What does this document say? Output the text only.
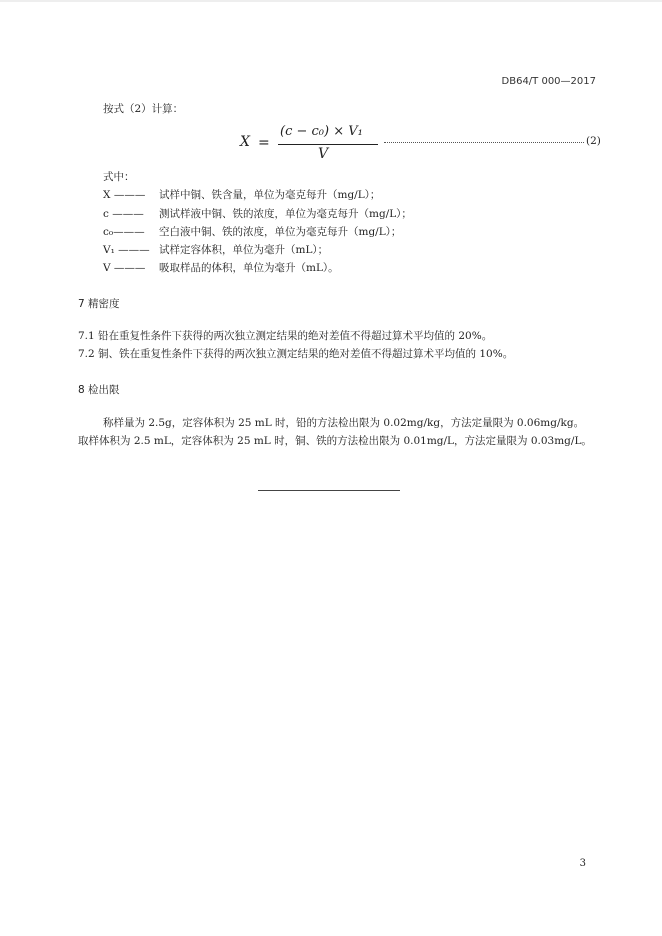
DB64/T 000—2017
按式（2）计算：
X =
(c − c₀) × V₁
V
(2)
式中：
X ——— 试样中铜、铁含量，单位为毫克每升（mg/L）；
c ——— 测试样液中铜、铁的浓度，单位为毫克每升（mg/L）；
c₀——— 空白液中铜、铁的浓度，单位为毫克每升（mg/L）；
V₁ ——— 试样定容体积，单位为毫升（mL）；
V ——— 吸取样品的体积，单位为毫升（mL）。
7 精密度
7.1 铅在重复性条件下获得的两次独立测定结果的绝对差值不得超过算术平均值的 20%。
7.2 铜、铁在重复性条件下获得的两次独立测定结果的绝对差值不得超过算术平均值的 10%。
8 检出限
称样量为 2.5g，定容体积为 25 mL 时，铅的方法检出限为 0.02mg/kg，方法定量限为 0.06mg/kg。
取样体积为 2.5 mL，定容体积为 25 mL 时，铜、铁的方法检出限为 0.01mg/L，方法定量限为 0.03mg/L。
3
